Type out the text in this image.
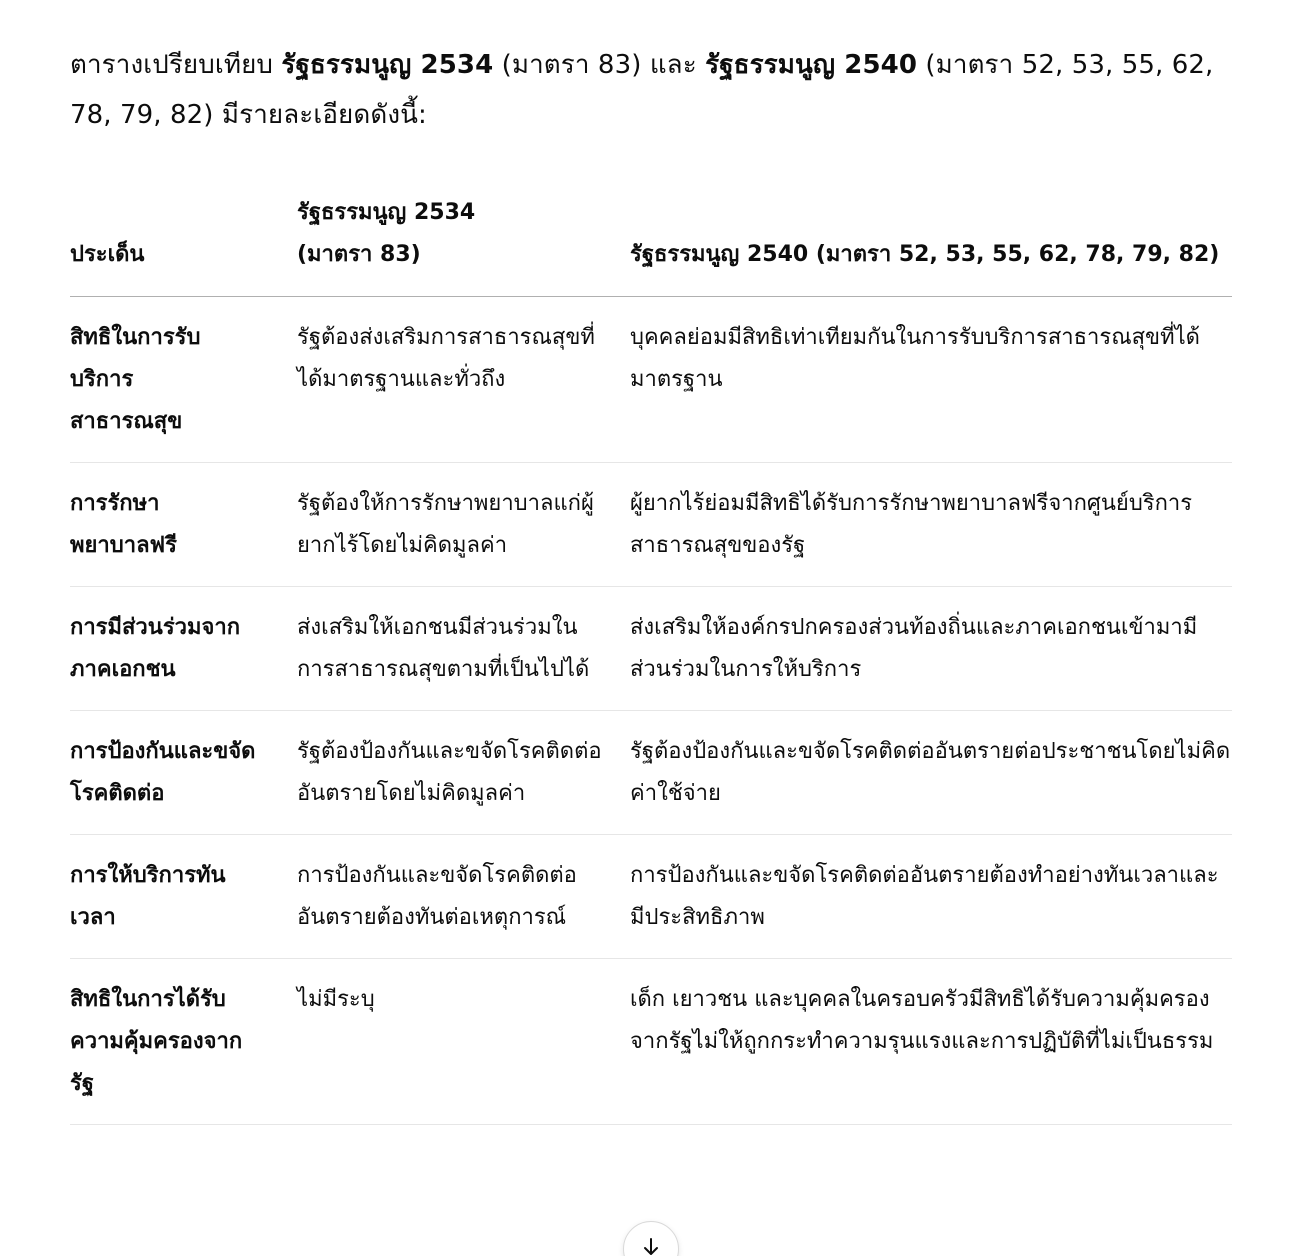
ตารางเปรียบเทียบ รัฐธรรมนูญ 2534 (มาตรา 83) และ รัฐธรรมนูญ 2540 (มาตรา 52, 53, 55, 62, 78, 79, 82) มีรายละเอียดดังนี้:

ประเด็น	รัฐธรรมนูญ 2534 (มาตรา 83)	รัฐธรรมนูญ 2540 (มาตรา 52, 53, 55, 62, 78, 79, 82)
สิทธิในการรับบริการสาธารณสุข	รัฐต้องส่งเสริมการสาธารณสุขที่ได้มาตรฐานและทั่วถึง	บุคคลย่อมมีสิทธิเท่าเทียมกันในการรับบริการสาธารณสุขที่ได้มาตรฐาน
การรักษาพยาบาลฟรี	รัฐต้องให้การรักษาพยาบาลแก่ผู้ยากไร้โดยไม่คิดมูลค่า	ผู้ยากไร้ย่อมมีสิทธิได้รับการรักษาพยาบาลฟรีจากศูนย์บริการสาธารณสุขของรัฐ
การมีส่วนร่วมจากภาคเอกชน	ส่งเสริมให้เอกชนมีส่วนร่วมในการสาธารณสุขตามที่เป็นไปได้	ส่งเสริมให้องค์กรปกครองส่วนท้องถิ่นและภาคเอกชนเข้ามามีส่วนร่วมในการให้บริการ
การป้องกันและขจัดโรคติดต่อ	รัฐต้องป้องกันและขจัดโรคติดต่ออันตรายโดยไม่คิดมูลค่า	รัฐต้องป้องกันและขจัดโรคติดต่ออันตรายต่อประชาชนโดยไม่คิดค่าใช้จ่าย
การให้บริการทันเวลา	การป้องกันและขจัดโรคติดต่ออันตรายต้องทันต่อเหตุการณ์	การป้องกันและขจัดโรคติดต่ออันตรายต้องทำอย่างทันเวลาและมีประสิทธิภาพ
สิทธิในการได้รับความคุ้มครองจากรัฐ	ไม่มีระบุ	เด็ก เยาวชน และบุคคลในครอบครัวมีสิทธิได้รับความคุ้มครองจากรัฐไม่ให้ถูกกระทำความรุนแรงและการปฏิบัติที่ไม่เป็นธรรม
